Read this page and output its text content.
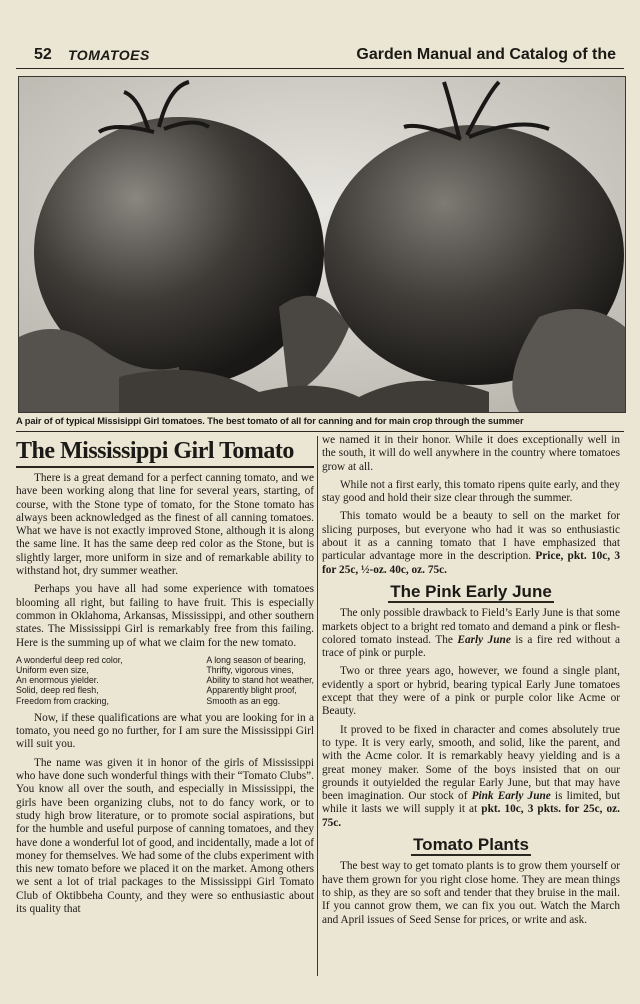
52 TOMATOES	Garden Manual and Catalog of the
A pair of of typical Missisippi Girl tomatoes. The best tomato of all for canning and for main crop through the summer
The Mississippi Girl Tomato

There is a great demand for a perfect canning tomato, and we have been working along that line for several years, starting, of course, with the Stone type of tomato, for the Stone tomato has always been acknowledged as the finest of all canning tomatoes. What we have is not exactly improved Stone, although it is along the same line. It has the same deep red color as the Stone, but is slightly larger, more uniform in size and of remarkable ability to withstand hot, dry summer weather.

Perhaps you have all had some experience with tomatoes blooming all right, but failing to have fruit. This is especially common in Oklahoma, Arkansas, Mississippi, and other southern states. The Mississippi Girl is remarkably free from this failing. Here is the summing up of what we claim for the new tomato.

A wonderful deep red color,
Uniform even size,
An enormous yielder.
Solid, deep red flesh,
Freedom from cracking,
A long season of bearing,
Thrifty, vigorous vines,
Ability to stand hot weather,
Apparently blight proof,
Smooth as an egg.

Now, if these qualifications are what you are looking for in a tomato, you need go no further, for I am sure the Mississippi Girl will suit you.

The name was given it in honor of the girls of Mississippi who have done such wonderful things with their “Tomato Clubs”. You know all over the south, and especially in Mississippi, the girls have been organizing clubs, not to do fancy work, or to study high brow literature, or to promote social aspirations, but for the humble and useful purpose of canning tomatoes, and they have done a wonderful lot of good, and incidentally, made a lot of money for themselves. We had some of the clubs experiment with this new tomato before we placed it on the market. Among others we sent a lot of trial packages to the Mississippi Girl Tomato Club of Oktibbeha County, and they were so enthusiastic about its quality that

we named it in their honor. While it does exceptionally well in the south, it will do well anywhere in the country where tomatoes grow at all.

While not a first early, this tomato ripens quite early, and they stay good and hold their size clear through the summer.

This tomato would be a beauty to sell on the market for slicing purposes, but everyone who had it was so enthusiastic about it as a canning tomato that I have emphasized that particular advantage more in the description. Price, pkt. 10c, 3 for 25c, ½-oz. 40c, oz. 75c.

The Pink Early June

The only possible drawback to Field’s Early June is that some markets object to a bright red tomato and demand a pink or flesh-colored tomato instead. The Early June is a fire red without a trace of pink or purple.

Two or three years ago, however, we found a single plant, evidently a sport or hybrid, bearing typical Early June tomatoes except that they were of a pink or purple color like Acme or Beauty.

It proved to be fixed in character and comes absolutely true to type. It is very early, smooth, and solid, like the parent, and with the Acme color. It is remarkably heavy yielding and is a great money maker. Some of the boys insisted that on our grounds it outyielded the regular Early June, but that may have been imagination. Our stock of Pink Early June is limited, but while it lasts we will supply it at pkt. 10c, 3 pkts. for 25c, oz. 75c.

Tomato Plants

The best way to get tomato plants is to grow them yourself or have them grown for you right close home. They are mean things to ship, as they are so soft and tender that they bruise in the mail. If you cannot grow them, we can fix you out. Watch the March and April issues of Seed Sense for prices, or write and ask.
